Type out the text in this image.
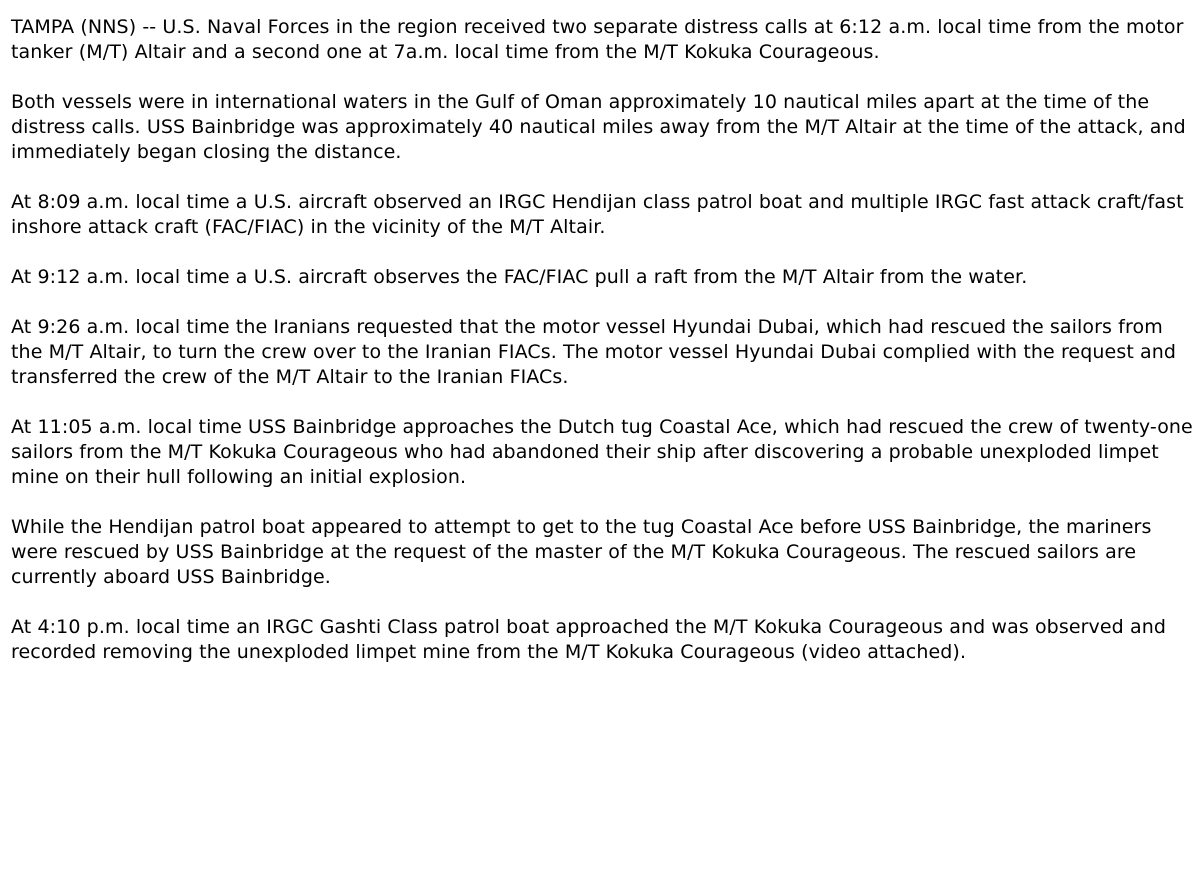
TAMPA (NNS) -- U.S. Naval Forces in the region received two separate distress calls at 6:12 a.m. local time from the motor tanker (M/T) Altair and a second one at 7a.m. local time from the M/T Kokuka Courageous.

Both vessels were in international waters in the Gulf of Oman approximately 10 nautical miles apart at the time of the distress calls. USS Bainbridge was approximately 40 nautical miles away from the M/T Altair at the time of the attack, and immediately began closing the distance.

At 8:09 a.m. local time a U.S. aircraft observed an IRGC Hendijan class patrol boat and multiple IRGC fast attack craft/fast inshore attack craft (FAC/FIAC) in the vicinity of the M/T Altair.

At 9:12 a.m. local time a U.S. aircraft observes the FAC/FIAC pull a raft from the M/T Altair from the water.

At 9:26 a.m. local time the Iranians requested that the motor vessel Hyundai Dubai, which had rescued the sailors from the M/T Altair, to turn the crew over to the Iranian FIACs. The motor vessel Hyundai Dubai complied with the request and transferred the crew of the M/T Altair to the Iranian FIACs.

At 11:05 a.m. local time USS Bainbridge approaches the Dutch tug Coastal Ace, which had rescued the crew of twenty-one sailors from the M/T Kokuka Courageous who had abandoned their ship after discovering a probable unexploded limpet mine on their hull following an initial explosion.

While the Hendijan patrol boat appeared to attempt to get to the tug Coastal Ace before USS Bainbridge, the mariners were rescued by USS Bainbridge at the request of the master of the M/T Kokuka Courageous. The rescued sailors are currently aboard USS Bainbridge.

At 4:10 p.m. local time an IRGC Gashti Class patrol boat approached the M/T Kokuka Courageous and was observed and recorded removing the unexploded limpet mine from the M/T Kokuka Courageous (video attached).
